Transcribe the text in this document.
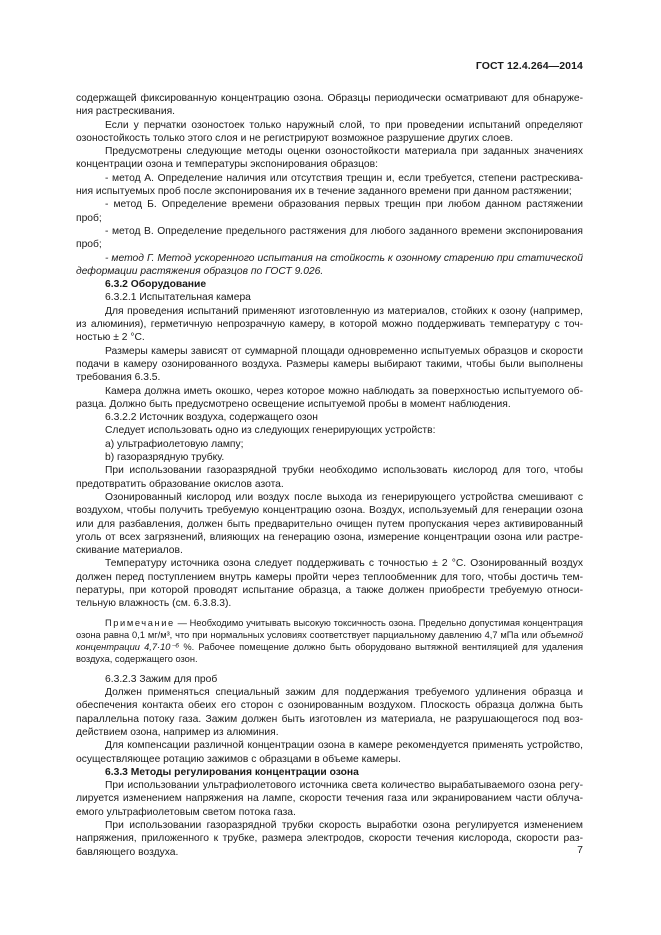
ГОСТ 12.4.264—2014

содержащей фиксированную концентрацию озона. Образцы периодически осматривают для обнаружения растрескивания.

Если у перчатки озоностоек только наружный слой, то при проведении испытаний определяют озоностойкость только этого слоя и не регистрируют возможное разрушение других слоев.

Предусмотрены следующие методы оценки озоностойкости материала при заданных значениях концентрации озона и температуры экспонирования образцов:

- метод А. Определение наличия или отсутствия трещин и, если требуется, степени растрескивания испытуемых проб после экспонирования их в течение заданного времени при данном растяжении;

- метод Б. Определение времени образования первых трещин при любом данном растяжении проб;

- метод В. Определение предельного растяжения для любого заданного времени экспонирования проб;

- метод Г. Метод ускоренного испытания на стойкость к озонному старению при статической деформации растяжения образцов по ГОСТ 9.026.

6.3.2 Оборудование

6.3.2.1 Испытательная камера

Для проведения испытаний применяют изготовленную из материалов, стойких к озону (например, из алюминия), герметичную непрозрачную камеру, в которой можно поддерживать температуру с точностью ± 2 °С.

Размеры камеры зависят от суммарной площади одновременно испытуемых образцов и скорости подачи в камеру озонированного воздуха. Размеры камеры выбирают такими, чтобы были выполнены требования 6.3.5.

Камера должна иметь окошко, через которое можно наблюдать за поверхностью испытуемого образца. Должно быть предусмотрено освещение испытуемой пробы в момент наблюдения.

6.3.2.2 Источник воздуха, содержащего озон

Следует использовать одно из следующих генерирующих устройств:

a) ультрафиолетовую лампу;

b) газоразрядную трубку.

При использовании газоразрядной трубки необходимо использовать кислород для того, чтобы предотвратить образование окислов азота.

Озонированный кислород или воздух после выхода из генерирующего устройства смешивают с воздухом, чтобы получить требуемую концентрацию озона. Воздух, используемый для генерации озона или для разбавления, должен быть предварительно очищен путем пропускания через активированный уголь от всех загрязнений, влияющих на генерацию озона, измерение концентрации озона или растрескивание материалов.

Температуру источника озона следует поддерживать с точностью ± 2 °С. Озонированный воздух должен перед поступлением внутрь камеры пройти через теплообменник для того, чтобы достичь температуры, при которой проводят испытание образца, а также должен приобрести требуемую относительную влажность (см. 6.3.8.3).

Примечание — Необходимо учитывать высокую токсичность озона. Предельно допустимая концентрация озона равна 0,1 мг/м³, что при нормальных условиях соответствует парциальному давлению 4,7 мПа или объемной концентрации 4,7·10⁻⁶ %. Рабочее помещение должно быть оборудовано вытяжной вентиляцией для удаления воздуха, содержащего озон.

6.3.2.3 Зажим для проб

Должен применяться специальный зажим для поддержания требуемого удлинения образца и обеспечения контакта обеих его сторон с озонированным воздухом. Плоскость образца должна быть параллельна потоку газа. Зажим должен быть изготовлен из материала, не разрушающегося под воздействием озона, например из алюминия.

Для компенсации различной концентрации озона в камере рекомендуется применять устройство, осуществляющее ротацию зажимов с образцами в объеме камеры.

6.3.3 Методы регулирования концентрации озона

При использовании ультрафиолетового источника света количество вырабатываемого озона регулируется изменением напряжения на лампе, скорости течения газа или экранированием части облучаемого ультрафиолетовым светом потока газа.

При использовании газоразрядной трубки скорость выработки озона регулируется изменением напряжения, приложенного к трубке, размера электродов, скорости течения кислорода, скорости разбавляющего воздуха.	7
